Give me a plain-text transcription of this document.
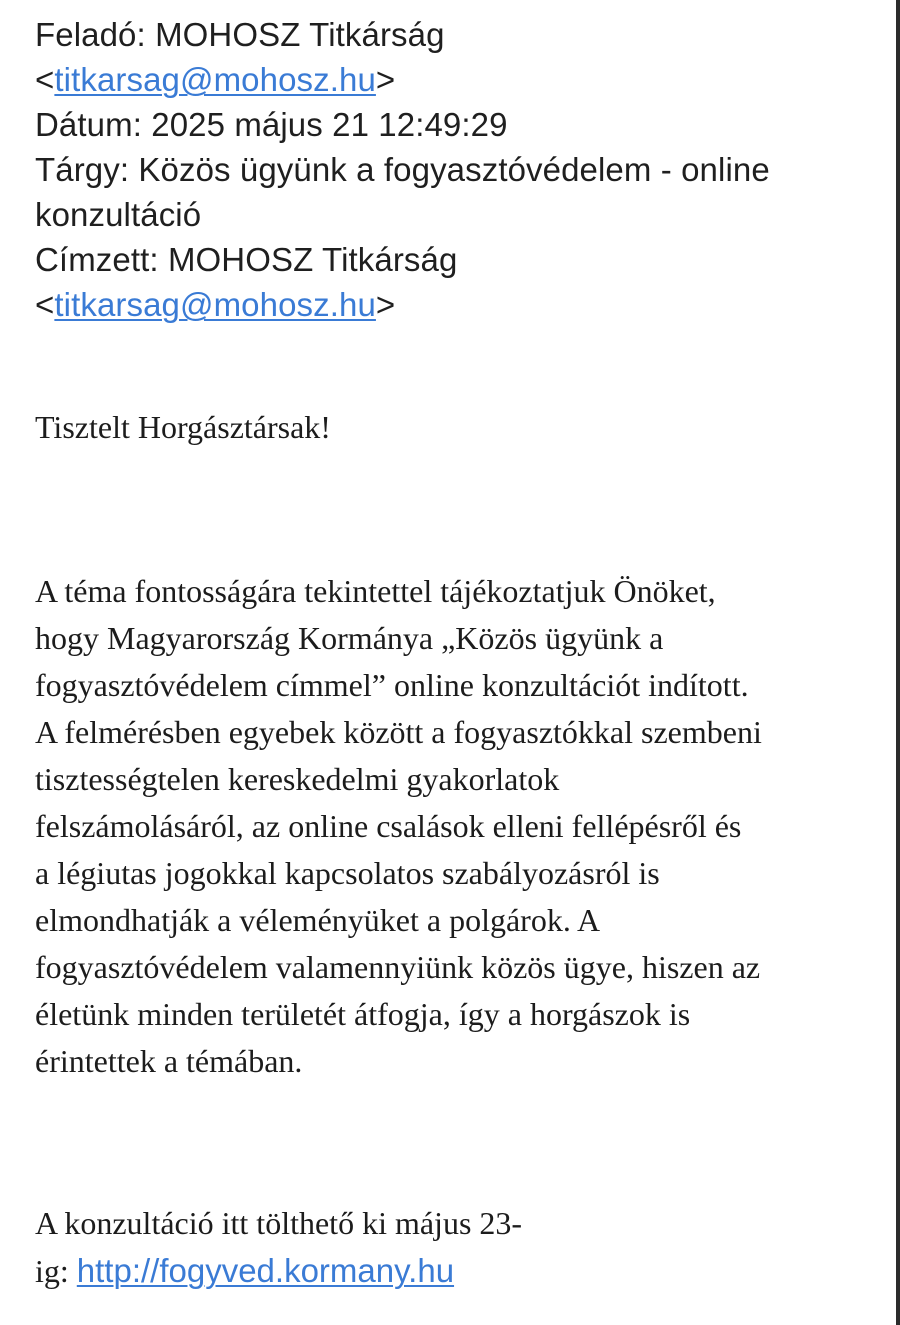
Feladó: MOHOSZ Titkárság
<titkarsag@mohosz.hu>
Dátum: 2025 május 21 12:49:29
Tárgy: Közös ügyünk a fogyasztóvédelem - online
konzultáció
Címzett: MOHOSZ Titkárság
<titkarsag@mohosz.hu>
Tisztelt Horgásztársak!
A téma fontosságára tekintettel tájékoztatjuk Önöket,
hogy Magyarország Kormánya „Közös ügyünk a
fogyasztóvédelem címmel” online konzultációt indított.
A felmérésben egyebek között a fogyasztókkal szembeni
tisztességtelen kereskedelmi gyakorlatok
felszámolásáról, az online csalások elleni fellépésről és
a légiutas jogokkal kapcsolatos szabályozásról is
elmondhatják a véleményüket a polgárok. A
fogyasztóvédelem valamennyiünk közös ügye, hiszen az
életünk minden területét átfogja, így a horgászok is
érintettek a témában.
A konzultáció itt tölthető ki május 23-
ig: http://fogyved.kormany.hu
